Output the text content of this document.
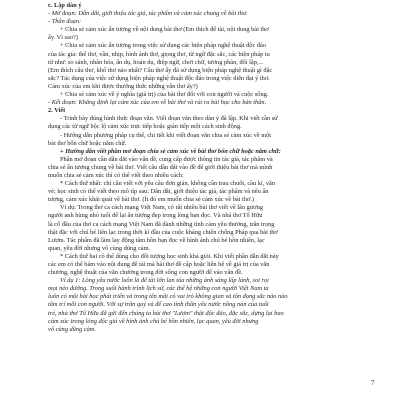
c. Lập dàn ý

- Mở đoạn: Dẫn dắt, giới thiệu tác giả, tác phẩm và cảm xúc chung về bài thơ.

- Thân đoạn:

+ Chia sẻ cảm xúc ấn tượng về nội dung bài thơ (Em thích để tài, nội dung bài thơ

ấy. Vì sao?)

+ Chia sẻ cảm xúc ấn tượng trong việc sử dụng các biện pháp nghệ thuật độc đáo

của tác giả: thể thơ, vần, nhịp, hình ảnh thơ, giọng thơ, từ ngữ đặc sắc, các biện pháp tu

từ như: so sánh, nhân hóa, ẩn dụ, hoán dụ, điệp ngữ, chơi chữ, tương phản, đối lập,...

(Em thích câu thơ, khổ thơ nào nhất? Câu thơ ấy đã sử dụng biện pháp nghệ thuật gì đặc

sắc? Tác dụng của việc sử dụng biện pháp nghệ thuật độc đáo trong việc diễn đạt ý thơ.

Cảm xúc của em khi được thưởng thức những vẫn thơ ấy?)

+ Chia sẻ cảm xúc về ý nghĩa (giá trị) của bài thơ đối với con người và cuộc sống.

- Kết đoạn: Khẳng định lại cảm xúc của em về bài thơ và rút ra bài học cho bản thân.

2. Viết

- Trình bày đúng hình thức đoạn văn. Viết đoạn văn theo dàn ý đã lập. Khi viết cần sử

dụng các từ ngữ bộc lộ cảm xúc trực tiếp hoặc gián tiếp một cách sinh động.

- Hướng dẫn phương pháp cụ thể, chi tiết khi viết đoạn văn chia sẻ cảm xúc về một

bài thơ bốn chữ hoặc năm chữ.

+ Hướng dẫn viết phần mở đoạn chia sẻ cảm xúc về bài thơ bốn chữ hoặc năm chữ:

Phần mở đoạn cần dẫn dắt vào vấn đề, cung cấp được thông tin tác giả, tác phẩm và

chia sẻ ấn tượng chung về bài thơ. Viết câu dẫn dắt vào đề để giới thiệu bài thơ mà mình

muốn chia sẻ cảm xúc thì có thể viết theo nhiều cách:

* Cách thứ nhất: chỉ cần viết với yêu cầu đơn giản, không cần trau chuốt, cầu kì, văn

vẻ; học sinh có thể viết theo mô típ sau: Dẫn dắt, giới thiệu tác giả, tác phẩm và nêu ấn

tượng, cảm xúc khái quát về bài thơ. (Ít đó em muốn chia sẻ cảm xúc về bài thơ.)

Ví dụ: Trong thơ ca cách mạng Việt Nam, có rất nhiều bài thơ viết về lãn gương

người anh hùng nhỏ tuổi để lại ấn tượng đẹp trong lòng bạn đọc. Và nhà thơ Tố Hữu

là cố đầu của thơ ca cách mạng Việt Nam đã dành những tình cảm yêu thương, trân trọng

thật đặc với chú bé liên lạc trong thời kì đầu của cuộc kháng chiến chống Pháp qua bài thơ

Lượm. Tác phẩm đã làm lay động tâm hồn bạn đọc về hình ảnh chú bé hồn nhiên, lạc

quan, yêu đời nhưng vô cùng dũng cảm.

* Cách thứ hai có thể dùng cho đối tượng học sinh khá giỏi. Khi viết phần dẫn dắt này

các em có thể bám vào nội dung để tài mà bài thơ đề cập hoặc liên hệ về giá trị của văn

chương, nghệ thuật của văn chương trong đời sống con người để vào vấn đề.

Ví dụ 1: Lòng yêu nước luôn là để tài lớn lan tỏa những ảnh sáng lấp lánh, soi rọi

mọi nẻo đường. Trong suốt hành trình lịch sử, các thế hệ những con người Việt Nam ta

luôn có một bài học phát triển và trong tên mãi có vai trò không gian và tôn đọng sắc nảo nào

tâm trí mỗi con người. Với sự trân quý và để cao tình thần yêu nước nồng nàn của tuổi

trẻ, nhà thơ Tố Hữu đã gửi đến chúng ta bài thơ "Lượm" thật độc đáo, đặc sắc, dựng lại bao

cảm xúc trong lòng độc giả về hình ảnh chú bé hồn nhiên, lạc quan, yêu đời nhưng

vô cùng dũng cảm.

7
